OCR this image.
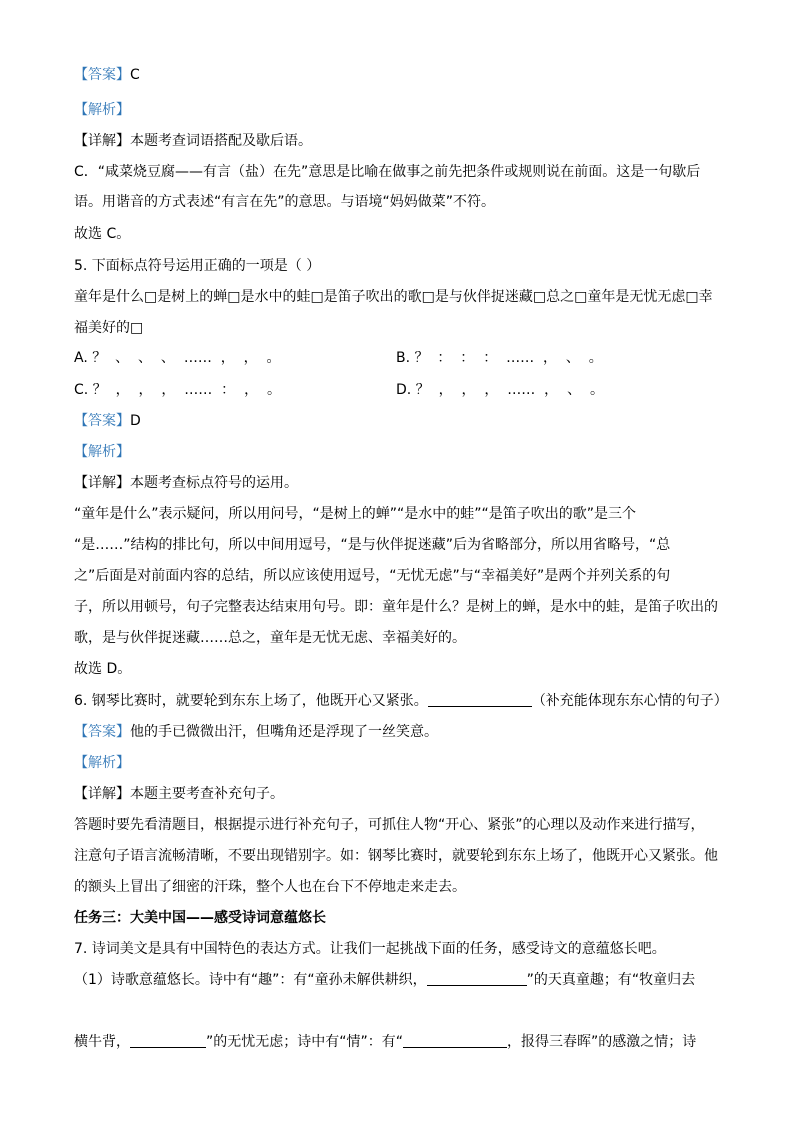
【答案】C
【解析】
【详解】本题考查词语搭配及歇后语。
C．“咸菜烧豆腐——有言（盐）在先”意思是比喻在做事之前先把条件或规则说在前面。这是一句歇后
语。用谐音的方式表述“有言在先”的意思。与语境“妈妈做菜”不符。
故选 C。
5. 下面标点符号运用正确的一项是（ ）
童年是什么□是树上的蝉□是水中的蛙□是笛子吹出的歌□是与伙伴捉迷藏□总之□童年是无忧无虑□幸
福美好的□
A. ？  、  、  、  ……  ，  ，  。	B. ？  ：  ：  ：  ……  ，  、  。
C. ？  ，  ，  ，  ……  ：  ，  。	D. ？  ，  ，  ，  ……  ，  、  。
【答案】D
【解析】
【详解】本题考查标点符号的运用。
“童年是什么”表示疑问，所以用问号，“是树上的蝉”“是水中的蛙”“是笛子吹出的歌”是三个
“是……”结构的排比句，所以中间用逗号，“是与伙伴捉迷藏”后为省略部分，所以用省略号，“总
之”后面是对前面内容的总结，所以应该使用逗号，“无忧无虑”与“幸福美好”是两个并列关系的句
子，所以用顿号，句子完整表达结束用句号。即：童年是什么？是树上的蝉，是水中的蛙，是笛子吹出的
歌，是与伙伴捉迷藏……总之，童年是无忧无虑、幸福美好的。
故选 D。
6. 钢琴比赛时，就要轮到东东上场了，他既开心又紧张。	（补充能体现东东心情的句子）
【答案】他的手已微微出汗，但嘴角还是浮现了一丝笑意。
【解析】
【详解】本题主要考查补充句子。
答题时要先看清题目，根据提示进行补充句子，可抓住人物“开心、紧张”的心理以及动作来进行描写，
注意句子语言流畅清晰，不要出现错别字。如：钢琴比赛时，就要轮到东东上场了，他既开心又紧张。他
的额头上冒出了细密的汗珠，整个人也在台下不停地走来走去。
任务三：大美中国——感受诗词意蕴悠长
7. 诗词美文是具有中国特色的表达方式。让我们一起挑战下面的任务，感受诗文的意蕴悠长吧。
（1）诗歌意蕴悠长。诗中有“趣”：有“童孙未解供耕织，	”的天真童趣；有“牧童归去
横牛背，	”的无忧无虑；诗中有“情”：有“	，报得三春晖”的感激之情；诗
